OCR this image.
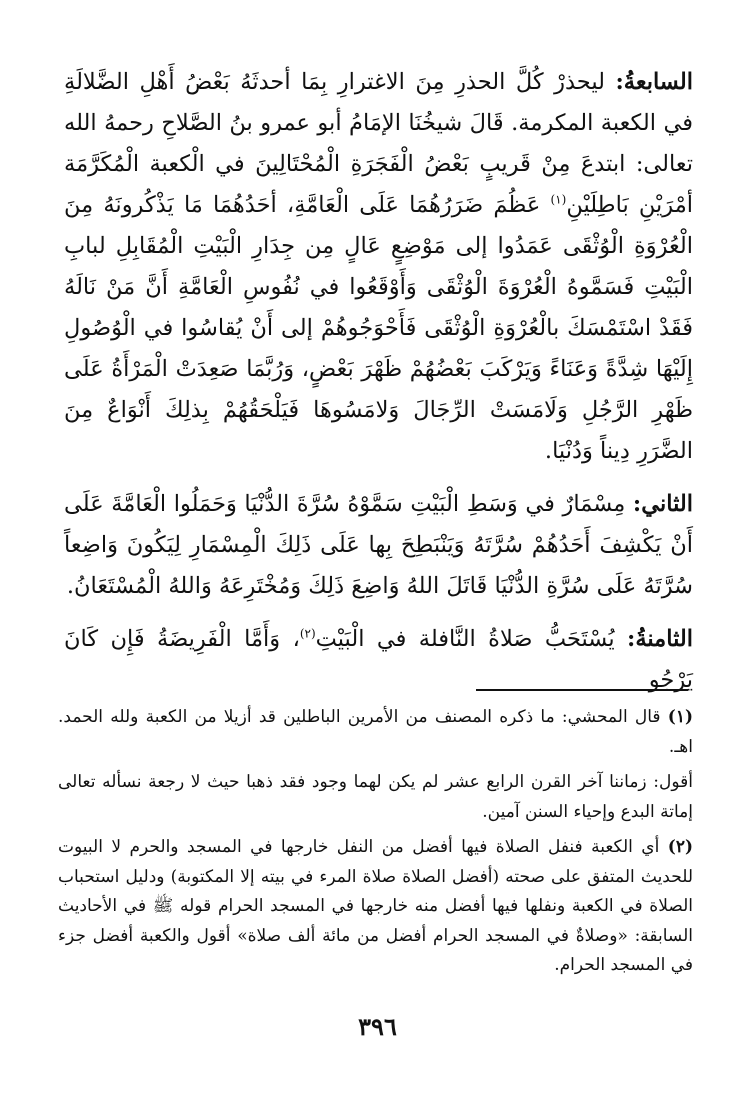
السابعةُ: ليحذرْ كُلَّ الحذرِ مِنَ الاغترارِ بِمَا أحدثَهُ بَعْضُ أَهْلِ الضَّلالَةِ في الكعبة المكرمة. قَالَ شيخُنَا الإمَامُ أبو عمرو بنُ الصَّلاحِ رحمهُ الله تعالى: ابتدعَ مِنْ قَريبٍ بَعْضُ الْفَجَرَةِ الْمُحْتَالِينَ في الْكعبة الْمُكَرَّمَة أمْرَيْنِ بَاطِلَيْنِ$^{(١)}$ عَظُمَ ضَرَرُهُمَا عَلَى الْعَامَّةِ، أحَدُهُمَا مَا يَذْكُرونَهُ مِنَ الْعُرْوَةِ الْوُثْقَى عَمَدُوا إلى مَوْضِعٍ عَالٍ مِن جِدَارِ الْبَيْتِ الْمُقَابِلِ لبابِ الْبَيْتِ فَسَمَّوهُ الْعُرْوَةَ الْوُثْقَى وَأَوْقَعُوا في نُفُوسِ الْعَامَّةِ أَنَّ مَنْ نَالَهُ فَقَدْ اسْتَمْسَكَ بالْعُرْوَةِ الْوُثْقَى فَأَحْوَجُوهُمْ إلى أَنْ يُقاسُوا في الْوُصُولِ إِلَيْهَا شِدَّةً وَعَنَاءً وَيَرْكَبَ بَعْضُهُمْ ظَهْرَ بَعْضٍ، وَرُبَّمَا صَعِدَتْ الْمَرْأَةُ عَلَى ظَهْرِ الرَّجُلِ وَلَامَسَتْ الرِّجَالَ وَلامَسُوهَا فَيَلْحَقُهُمْ بِذلِكَ أَنْوَاعٌ مِنَ الضَّرَرِ دِيناً وَدُنْيَا.

الثاني: مِسْمَارٌ في وَسَطِ الْبَيْتِ سَمَّوْهُ سُرَّةَ الدُّنْيَا وَحَمَلُوا الْعَامَّةَ عَلَى أَنْ يَكْشِفَ أَحَدُهُمْ سُرَّتَهُ وَيَنْبَطِحَ بِها عَلَى ذَلِكَ الْمِسْمَارِ لِيَكُونَ وَاضِعاً سُرَّتَهُ عَلَى سُرَّةِ الدُّنْيَا قَاتَلَ اللهُ وَاضِعَ ذَلِكَ وَمُخْتَرِعَهُ وَاللهُ الْمُسْتَعَانُ.

الثامنةُ: يُسْتَحَبُّ صَلاةُ النَّافلة في الْبَيْتِ$^{(٢)}$، وَأَمَّا الْفَرِيضَةُ فَإِن كَانَ يَرْجُو

(١) قال المحشي: ما ذكره المصنف من الأمرين الباطلين قد أزيلا من الكعبة ولله الحمد. اهـ.

أقول: زماننا آخر القرن الرابع عشر لم يكن لهما وجود فقد ذهبا حيث لا رجعة نسأله تعالى إماتة البدع وإحياء السنن آمين.

(٢) أي الكعبة فنفل الصلاة فيها أفضل من النفل خارجها في المسجد والحرم لا البيوت للحديث المتفق على صحته (أفضل الصلاة صلاة المرء في بيته إلا المكتوبة) ودليل استحباب الصلاة في الكعبة ونفلها فيها أفضل منه خارجها في المسجد الحرام قوله ﷺ في الأحاديث السابقة: «وصلاةٌ في المسجد الحرام أفضل من مائة ألف صلاة» أقول والكعبة أفضل جزء في المسجد الحرام.

٣٩٦
